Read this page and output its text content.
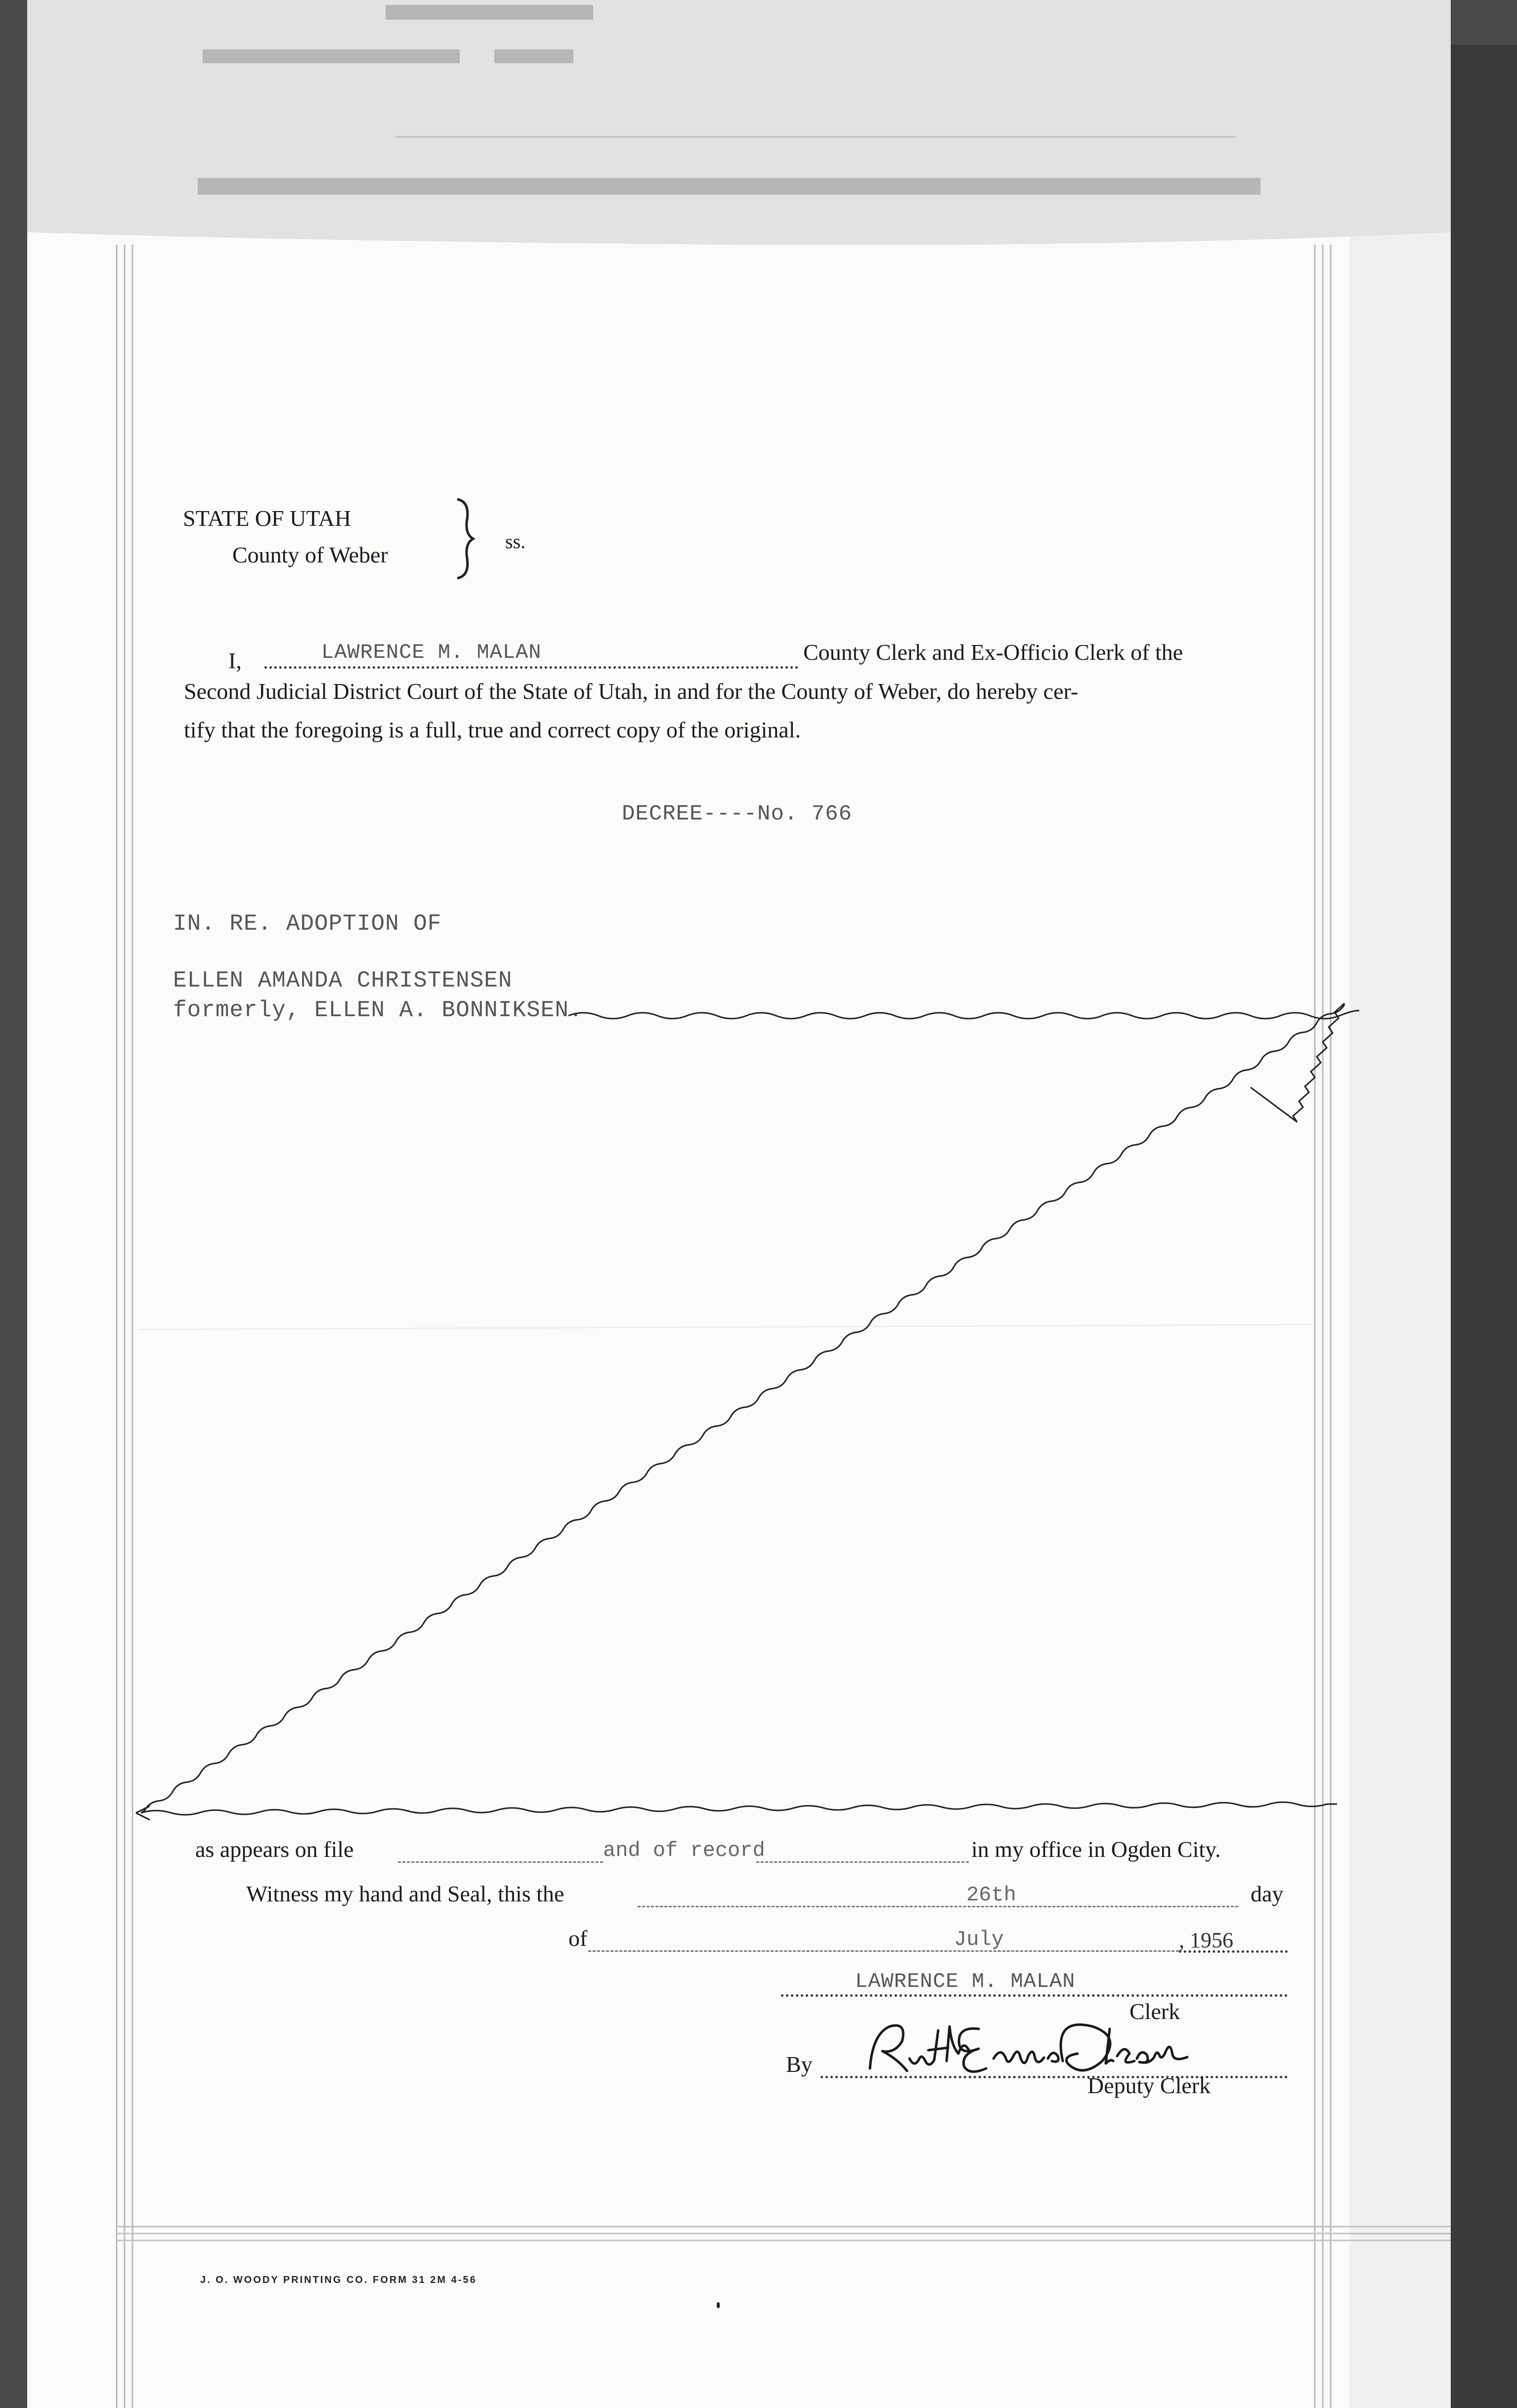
STATE OF UTAH
County of Weber
ss.
I,	LAWRENCE M. MALAN	County Clerk and Ex-Officio Clerk of the
Second Judicial District Court of the State of Utah, in and for the County of Weber, do hereby cer-
tify that the foregoing is a full, true and correct copy of the original.
DECREE----No. 766
IN. RE. ADOPTION OF
ELLEN AMANDA CHRISTENSEN
formerly, ELLEN A. BONNIKSEN.
as appears on file	in my office in Ogden City.
Witness my hand and Seal, this the	26th	day
of	July	, 1956
LAWRENCE M. MALAN
Clerk
By
Deputy Clerk
J. O. WOODY PRINTING CO. FORM 31 2M 4-56
